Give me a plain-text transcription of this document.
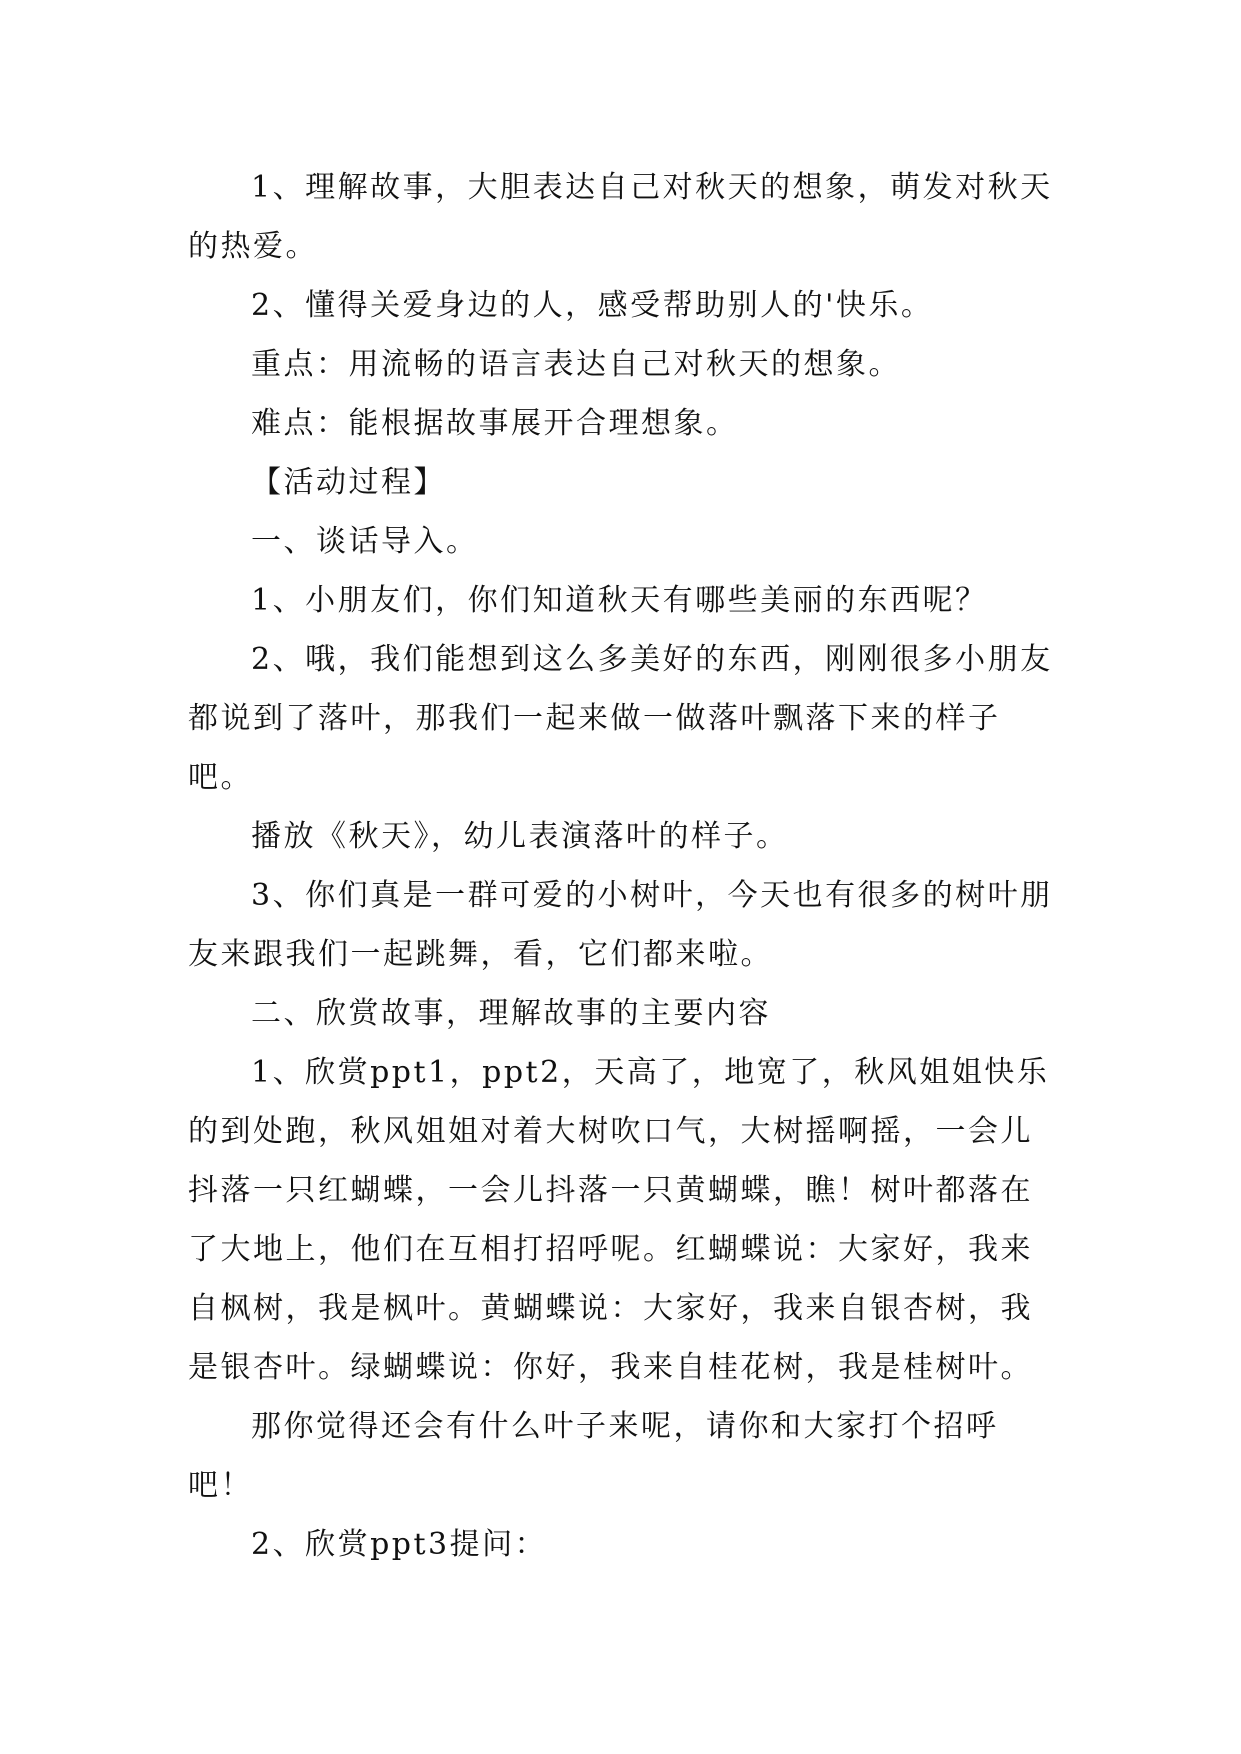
1、理解故事，大胆表达自己对秋天的想象，萌发对秋天的热爱。

2、懂得关爱身边的人，感受帮助别人的'快乐。

重点：用流畅的语言表达自己对秋天的想象。

难点：能根据故事展开合理想象。

【活动过程】

一、谈话导入。

1、小朋友们，你们知道秋天有哪些美丽的东西呢？

2、哦，我们能想到这么多美好的东西，刚刚很多小朋友都说到了落叶，那我们一起来做一做落叶飘落下来的样子吧。

播放《秋天》，幼儿表演落叶的样子。

3、你们真是一群可爱的小树叶，今天也有很多的树叶朋友来跟我们一起跳舞，看，它们都来啦。

二、欣赏故事，理解故事的主要内容

1、欣赏ppt1，ppt2，天高了，地宽了，秋风姐姐快乐的到处跑，秋风姐姐对着大树吹口气，大树摇啊摇，一会儿抖落一只红蝴蝶，一会儿抖落一只黄蝴蝶，瞧！树叶都落在了大地上，他们在互相打招呼呢。红蝴蝶说：大家好，我来自枫树，我是枫叶。黄蝴蝶说：大家好，我来自银杏树，我是银杏叶。绿蝴蝶说：你好，我来自桂花树，我是桂树叶。

那你觉得还会有什么叶子来呢，请你和大家打个招呼吧！

2、欣赏ppt3提问：
